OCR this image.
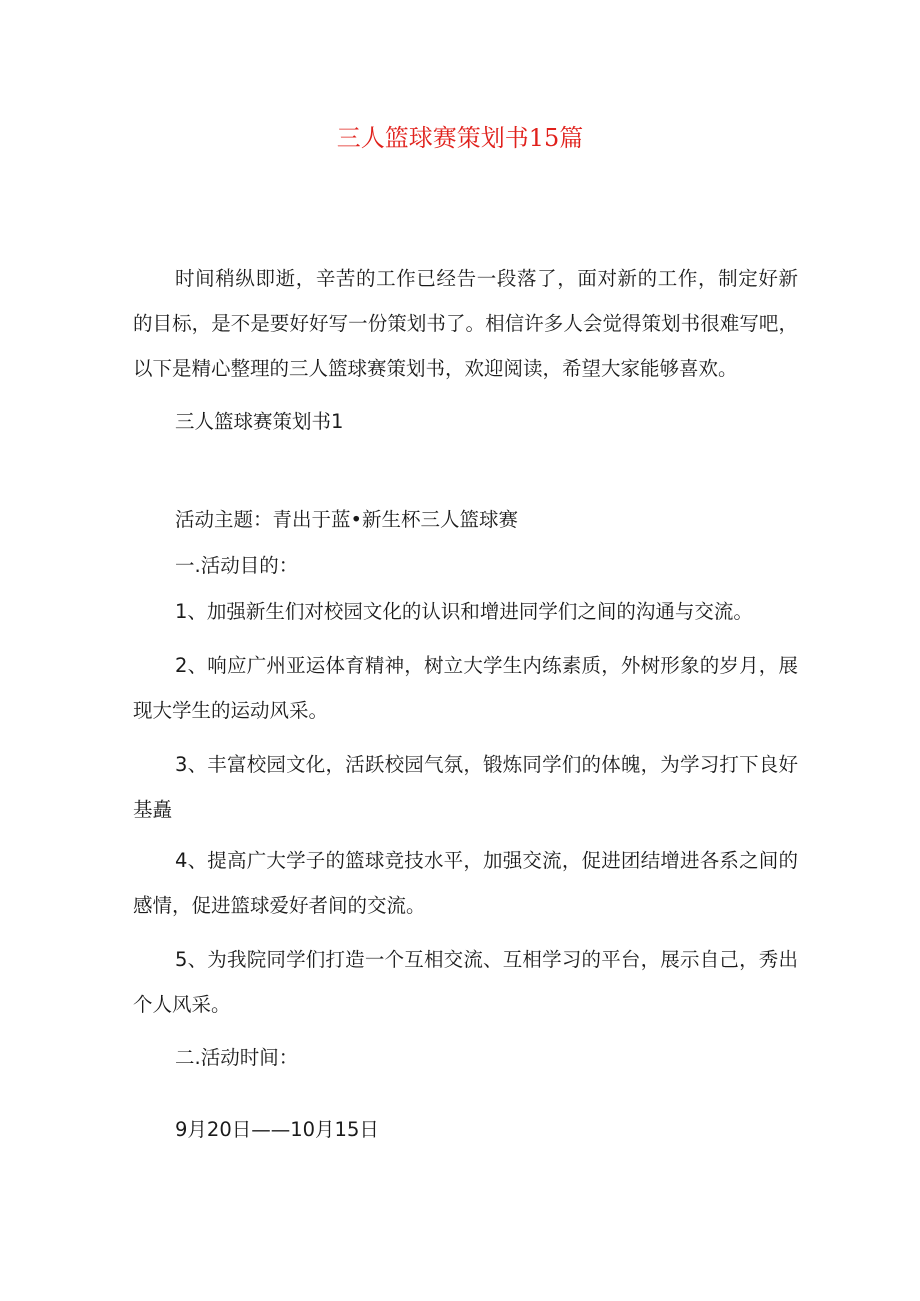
三人篮球赛策划书15篇

时间稍纵即逝，辛苦的工作已经告一段落了，面对新的工作，制定好新的目标，是不是要好好写一份策划书了。相信许多人会觉得策划书很难写吧，以下是精心整理的三人篮球赛策划书，欢迎阅读，希望大家能够喜欢。

三人篮球赛策划书1

活动主题：青出于蓝•新生杯三人篮球赛

一.活动目的：

1、加强新生们对校园文化的认识和增进同学们之间的沟通与交流。

2、响应广州亚运体育精神，树立大学生内练素质，外树形象的岁月，展现大学生的运动风采。

3、丰富校园文化，活跃校园气氛，锻炼同学们的体魄，为学习打下良好基矗

4、提高广大学子的篮球竞技水平，加强交流，促进团结增进各系之间的感情，促进篮球爱好者间的交流。

5、为我院同学们打造一个互相交流、互相学习的平台，展示自己，秀出个人风采。

二.活动时间：

9月20日——10月15日
